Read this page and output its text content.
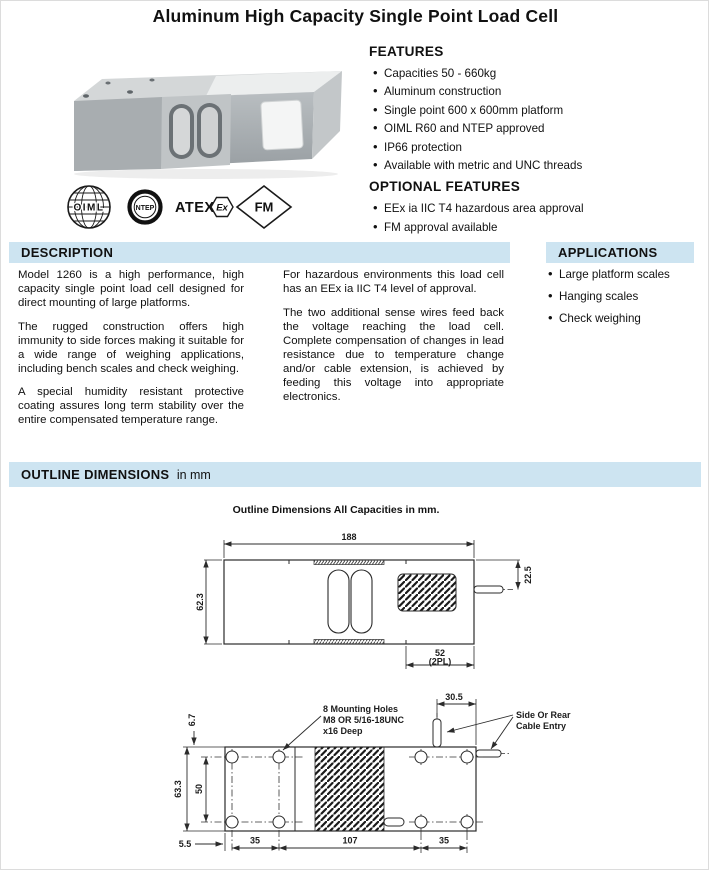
Aluminum High Capacity Single Point Load Cell
OIML	NTEP ATEX Ex FM
FEATURES
• Capacities 50 - 660kg
• Aluminum construction
• Single point 600 x 600mm platform
• OIML R60 and NTEP approved
• IP66 protection
• Available with metric and UNC threads
OPTIONAL FEATURES
• EEx ia IIC T4 hazardous area approval
• FM approval available
DESCRIPTION

Model 1260 is a high performance, high capacity single point load cell designed for direct mounting of large platforms.

The rugged construction offers high immunity to side forces making it suitable for a wide range of weighing applications, including bench scales and check weighing.

A special humidity resistant protective coating assures long term stability over the entire compensated temperature range.

For hazardous environments this load cell has an EEx ia IIC T4 level of approval.

The two additional sense wires feed back the voltage reaching the load cell. Complete compensation of changes in lead resistance due to temperature change and/or cable extension, is achieved by feeding this voltage into appropriate electronics.

APPLICATIONS
• Large platform scales
• Hanging scales
• Check weighing
OUTLINE DIMENSIONS in mm
Outline Dimensions All Capacities in mm.
188
62.3
22.5
52
(2PL)
30.5
6.7
63.3 50
5.5	35	107	35
8 Mounting Holes
M8 OR 5/16-18UNC
x16 Deep
Side Or Rear
Cable Entry
